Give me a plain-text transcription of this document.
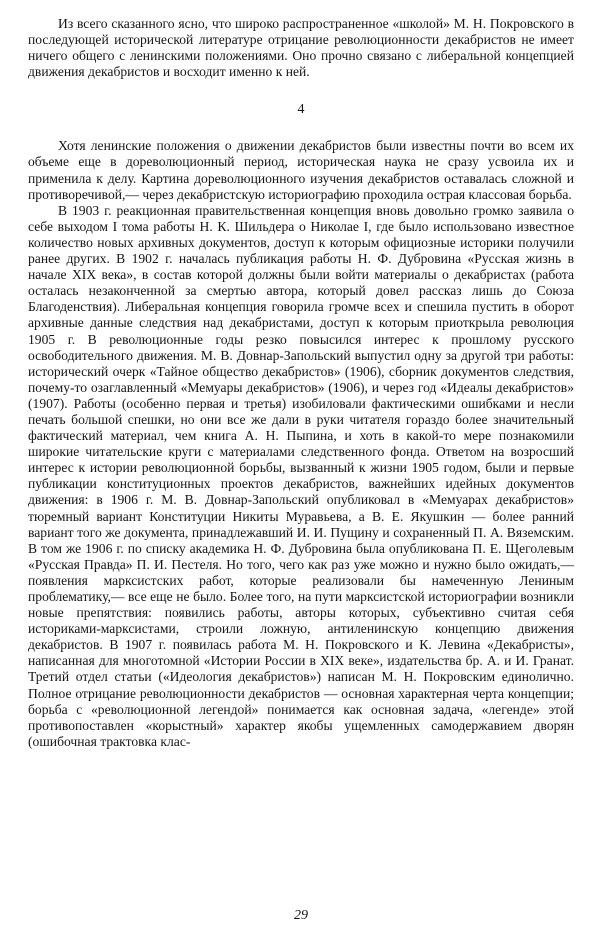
Из всего сказанного ясно, что широко распространенное «школой» М. Н. Покровского в последующей исторической литературе отрицание революционности декабристов не имеет ничего общего с ленинскими положениями. Оно прочно связано с либеральной концепцией движения декабристов и восходит именно к ней.

4

Хотя ленинские положения о движении декабристов были известны почти во всем их объеме еще в дореволюционный период, историческая наука не сразу усвоила их и применила к делу. Картина дореволюционного изучения декабристов оставалась сложной и противоречивой,— через декабристскую историографию проходила острая классовая борьба.

В 1903 г. реакционная правительственная концепция вновь довольно громко заявила о себе выходом I тома работы Н. К. Шильдера о Николае I, где было использовано известное количество новых архивных документов, доступ к которым официозные историки получили ранее других. В 1902 г. началась публикация работы Н. Ф. Дубровина «Русская жизнь в начале XIX века», в состав которой должны были войти материалы о декабристах (работа осталась незаконченной за смертью автора, который довел рассказ лишь до Союза Благоденствия). Либеральная концепция говорила громче всех и спешила пустить в оборот архивные данные следствия над декабристами, доступ к которым приоткрыла революция 1905 г. В революционные годы резко повысился интерес к прошлому русского освободительного движения. М. В. Довнар-Запольский выпустил одну за другой три работы: исторический очерк «Тайное общество декабристов» (1906), сборник документов следствия, почему-то озаглавленный «Мемуары декабристов» (1906), и через год «Идеалы декабристов» (1907). Работы (особенно первая и третья) изобиловали фактическими ошибками и несли печать большой спешки, но они все же дали в руки читателя гораздо более значительный фактический материал, чем книга А. Н. Пыпина, и хоть в какой-то мере познакомили широкие читательские круги с материалами следственного фонда. Ответом на возросший интерес к истории революционной борьбы, вызванный к жизни 1905 годом, были и первые публикации конституционных проектов декабристов, важнейших идейных документов движения: в 1906 г. М. В. Довнар-Запольский опубликовал в «Мемуарах декабристов» тюремный вариант Конституции Никиты Муравьева, а В. Е. Якушкин — более ранний вариант того же документа, принадлежавший И. И. Пущину и сохраненный П. А. Вяземским. В том же 1906 г. по списку академика Н. Ф. Дубровина была опубликована П. Е. Щеголевым «Русская Правда» П. И. Пестеля. Но того, чего как раз уже можно и нужно было ожидать,— появления марксистских работ, которые реализовали бы намеченную Лениным проблематику,— все еще не было. Более того, на пути марксистской историографии возникли новые препятствия: появились работы, авторы которых, субъективно считая себя историками-марксистами, строили ложную, антиленинскую концепцию движения декабристов. В 1907 г. появилась работа М. Н. Покровского и К. Левина «Декабристы», написанная для многотомной «Истории России в XIX веке», издательства бр. А. и И. Гранат. Третий отдел статьи («Идеология декабристов») написан М. Н. Покровским единолично. Полное отрицание революционности декабристов — основная характерная черта концепции; борьба с «революционной легендой» понимается как основная задача, «легенде» этой противопоставлен «корыстный» характер якобы ущемленных самодержавием дворян (ошибочная трактовка клас-

29
